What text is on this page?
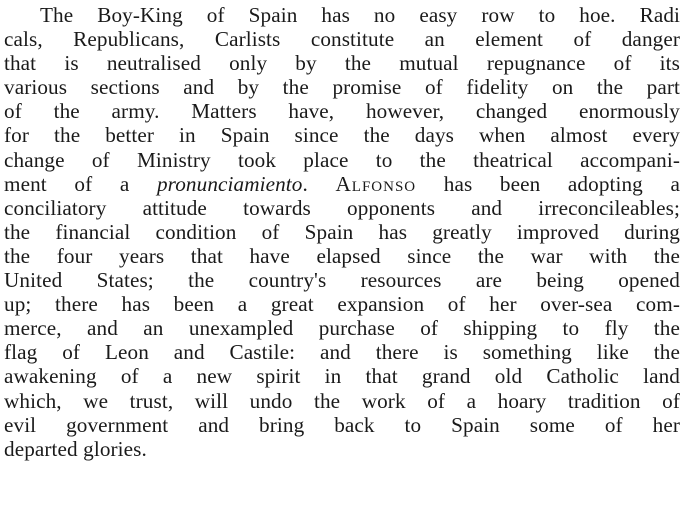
The Boy-King of Spain has no easy row to hoe. Radi
cals, Republicans, Carlists constitute an element of danger
that is neutralised only by the mutual repugnance of its
various sections and by the promise of fidelity on the part
of the army. Matters have, however, changed enormously
for the better in Spain since the days when almost every
change of Ministry took place to the theatrical accompani-
ment of a pronunciamiento. Alfonso has been adopting a
conciliatory attitude towards opponents and irreconcileables;
the financial condition of Spain has greatly improved during
the four years that have elapsed since the war with the
United States; the country's resources are being opened
up; there has been a great expansion of her over-sea com-
merce, and an unexampled purchase of shipping to fly the
flag of Leon and Castile: and there is something like the
awakening of a new spirit in that grand old Catholic land
which, we trust, will undo the work of a hoary tradition of
evil government and bring back to Spain some of her
departed glories.
